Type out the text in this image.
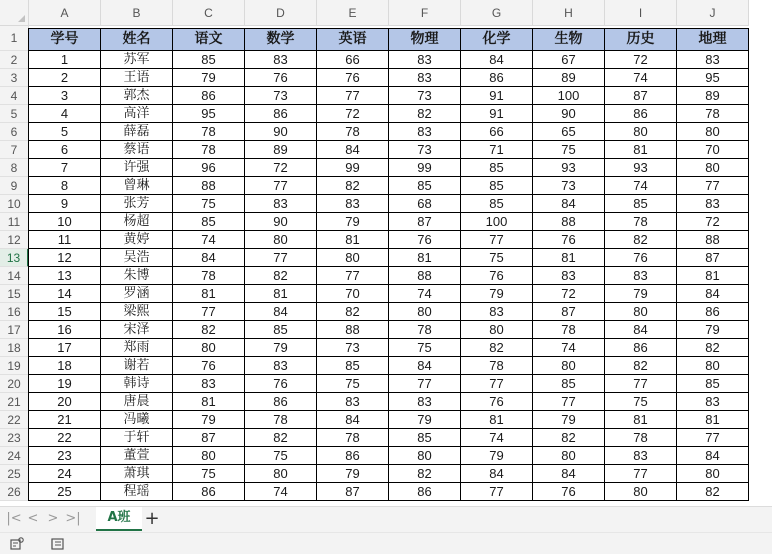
A	B	C	D	E	F	G	H	I	J
1
2
3
4
5
6
7
8
9
10
11
12
13
14
15
16
17
18
19
20
21
22
23
24
25
26
学号	姓名	语文	数学	英语	物理	化学	生物	历史	地理
1	苏军	85	83	66	83	84	67	72	83
2	王语	79	76	76	83	86	89	74	95
3	郭杰	86	73	77	73	91	100	87	89
4	高洋	95	86	72	82	91	90	86	78
5	薛磊	78	90	78	83	66	65	80	80
6	蔡语	78	89	84	73	71	75	81	70
7	许强	96	72	99	99	85	93	93	80
8	曾琳	88	77	82	85	85	73	74	77
9	张芳	75	83	83	68	85	84	85	83
10	杨超	85	90	79	87	100	88	78	72
11	黄婷	74	80	81	76	77	76	82	88
12	吴浩	84	77	80	81	75	81	76	87
13	朱博	78	82	77	88	76	83	83	81
14	罗涵	81	81	70	74	79	72	79	84
15	梁熙	77	84	82	80	83	87	80	86
16	宋泽	82	85	88	78	80	78	84	79
17	郑雨	80	79	73	75	82	74	86	82
18	谢若	76	83	85	84	78	80	82	80
19	韩诗	83	76	75	77	77	85	77	85
20	唐晨	81	86	83	83	76	77	75	83
21	冯曦	79	78	84	79	81	79	81	81
22	于轩	87	82	78	85	74	82	78	77
23	董萱	80	75	86	80	79	80	83	84
24	萧琪	75	80	79	82	84	84	77	80
25	程瑶	86	74	87	86	77	76	80	82
|< < > >|	A班 +
